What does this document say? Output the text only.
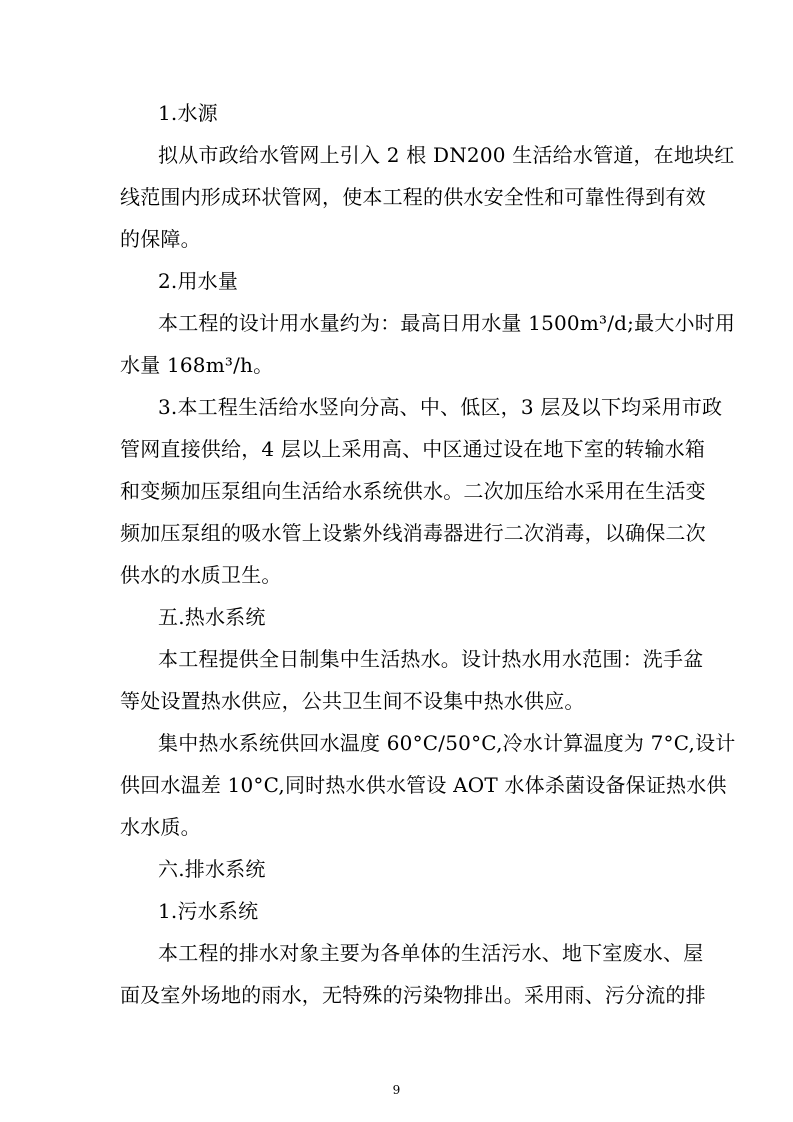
1.水源
拟从市政给水管网上引入 2 根 DN200 生活给水管道，在地块红
线范围内形成环状管网，使本工程的供水安全性和可靠性得到有效
的保障。
2.用水量
本工程的设计用水量约为：最高日用水量 1500m³/d;最大小时用
水量 168m³/h。
3.本工程生活给水竖向分高、中、低区，3 层及以下均采用市政
管网直接供给，4 层以上采用高、中区通过设在地下室的转输水箱
和变频加压泵组向生活给水系统供水。二次加压给水采用在生活变
频加压泵组的吸水管上设紫外线消毒器进行二次消毒，以确保二次
供水的水质卫生。
五.热水系统
本工程提供全日制集中生活热水。设计热水用水范围：洗手盆
等处设置热水供应，公共卫生间不设集中热水供应。
集中热水系统供回水温度 60°C/50°C,冷水计算温度为 7°C,设计
供回水温差 10°C,同时热水供水管设 AOT 水体杀菌设备保证热水供
水水质。
六.排水系统
1.污水系统
本工程的排水对象主要为各单体的生活污水、地下室废水、屋
面及室外场地的雨水，无特殊的污染物排出。采用雨、污分流的排
9
